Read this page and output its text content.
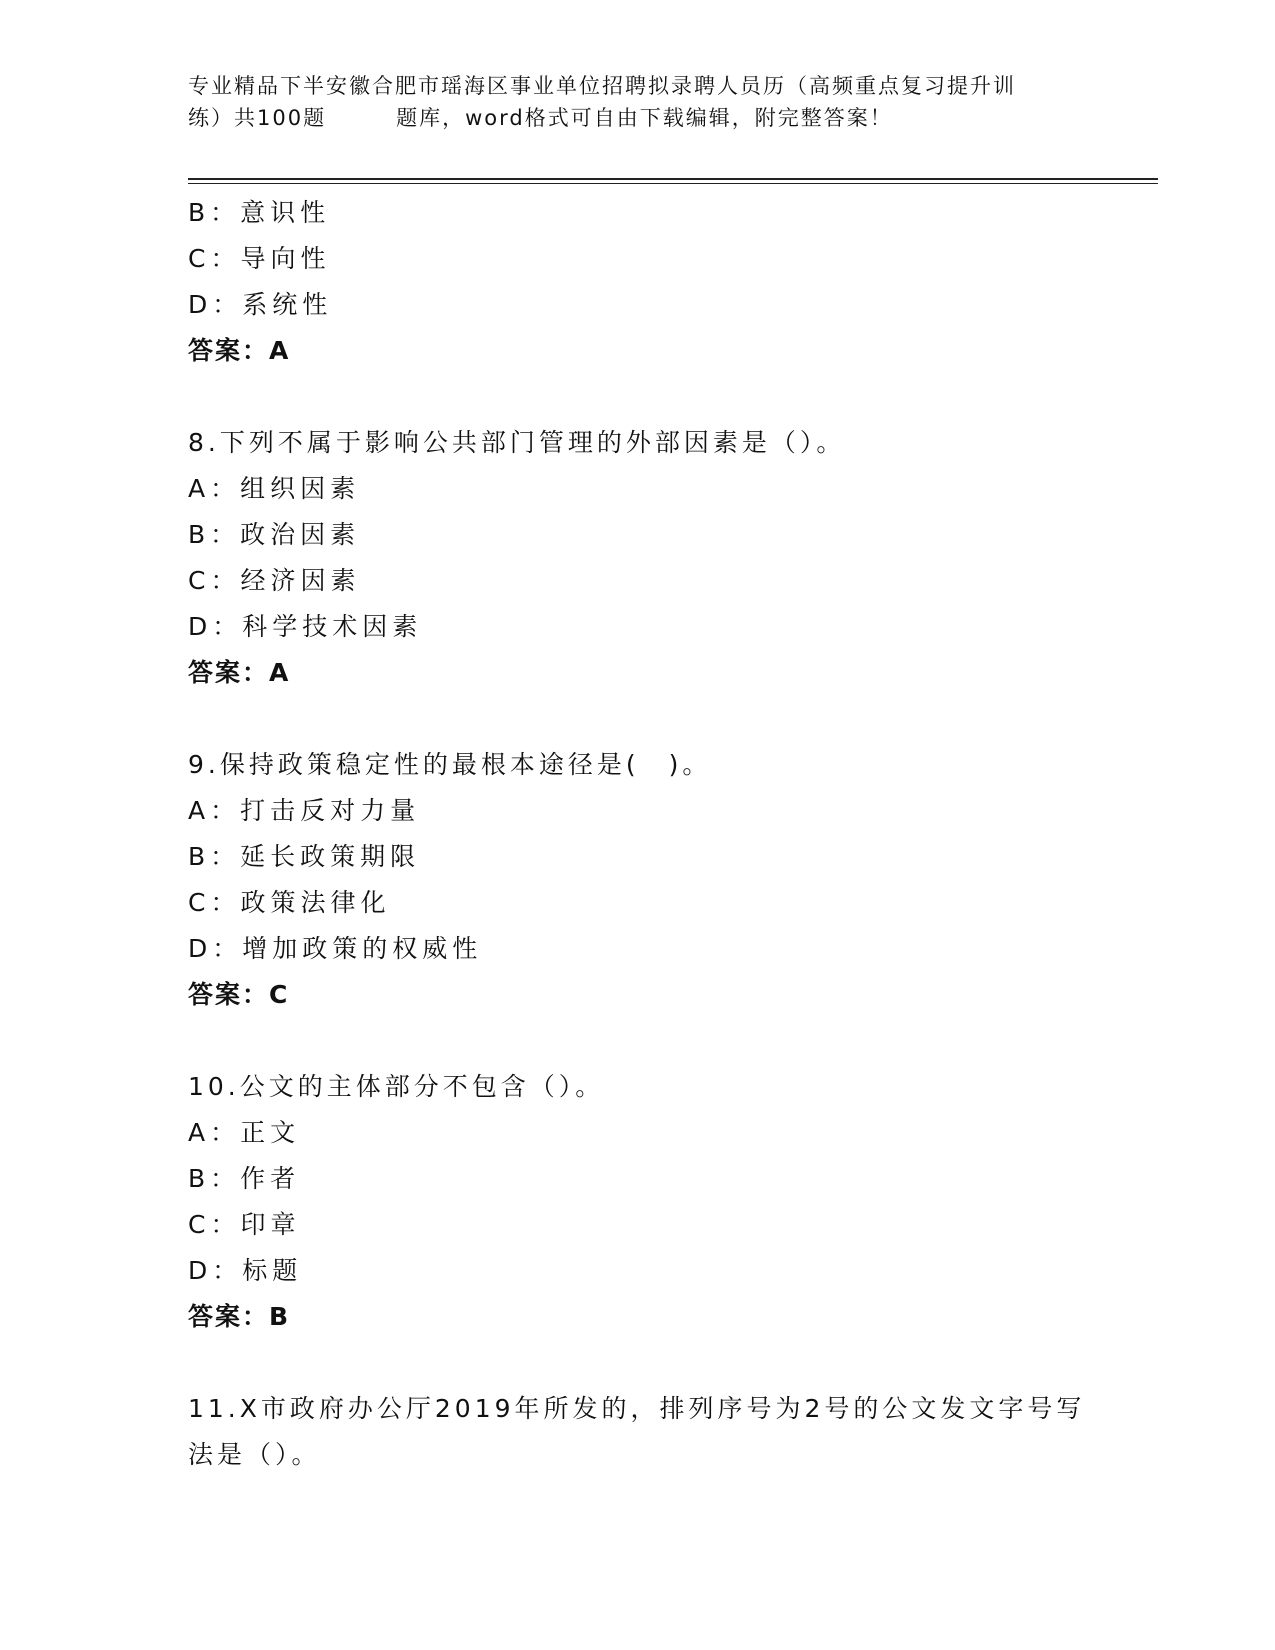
专业精品下半安徽合肥市瑶海区事业单位招聘拟录聘人员历（高频重点复习提升训
练）共100题	题库，word格式可自由下载编辑，附完整答案！
B：意识性
C：导向性
D：系统性
答案：A
8.下列不属于影响公共部门管理的外部因素是（）。
A：组织因素
B：政治因素
C：经济因素
D：科学技术因素
答案：A
9.保持政策稳定性的最根本途径是(　)。
A：打击反对力量
B：延长政策期限
C：政策法律化
D：增加政策的权威性
答案：C
10.公文的主体部分不包含（）。
A：正文
B：作者
C：印章
D：标题
答案：B
11.X市政府办公厅2019年所发的，排列序号为2号的公文发文字号写法是（）。
